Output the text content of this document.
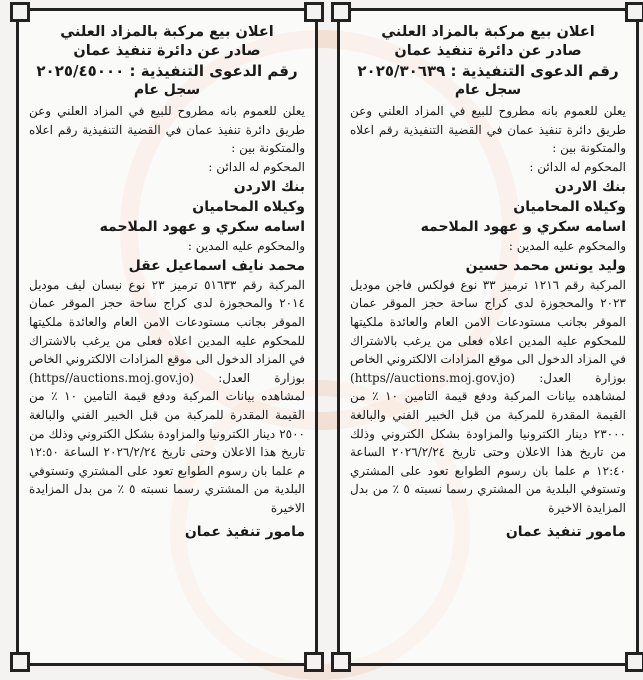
اعلان بيع مركبة بالمزاد العلني

صادر عن دائرة تنفيذ عمان

رقم الدعوى التنفيذية : ٢٠٢٥/٣٠٦٣٩

سجل عام

يعلن للعموم بانه مطروح للبيع في المزاد العلني وعن طريق دائرة تنفيذ عمان في القضية التنفيذية رقم اعلاه والمتكونة بين :

المحكوم له الدائن :

بنك الاردن

وكيلاه المحاميان

اسامه سكري و عهود الملاحمه

والمحكوم عليه المدين :

وليد يونس محمد حسين

المركبة رقم ١٢١٦ ترميز ٣٣ نوع فولكس فاجن موديل ٢٠٢٣ والمحجوزة لدى كراج ساحة حجز الموقر عمان الموقر بجانب مستودعات الامن العام والعائدة ملكيتها للمحكوم عليه المدين اعلاه فعلى من يرغب بالاشتراك في المزاد الدخول الى موقع المزادات الالكتروني الخاص بوزارة العدل: (https//auctions.moj.gov.jo) لمشاهده بيانات المركبة ودفع قيمة التامين ١٠ ٪ من القيمة المقدرة للمركبة من قبل الخبير الفني والبالغة ٢٣٠٠٠ دينار الكترونيا والمزاودة بشكل الكتروني وذلك من تاريخ هذا الاعلان وحتى تاريخ ٢٠٢٦/٢/٢٤ الساعة ١٢:٤٠ م علما بان رسوم الطوابع تعود على المشتري وتستوفي البلدية من المشتري رسما نسبته ٥ ٪ من بدل المزايدة الاخيرة

مامور تنفيذ عمان

اعلان بيع مركبة بالمزاد العلني

صادر عن دائرة تنفيذ عمان

رقم الدعوى التنفيذية : ٢٠٢٥/٤٥٠٠٠

سجل عام

يعلن للعموم بانه مطروح للبيع في المزاد العلني وعن طريق دائرة تنفيذ عمان في القضية التنفيذية رقم اعلاه والمتكونة بين :

المحكوم له الدائن :

بنك الاردن

وكيلاه المحاميان

اسامه سكري و عهود الملاحمه

والمحكوم عليه المدين :

محمد نايف اسماعيل عقل

المركبة رقم ٥١٦٣٣ ترميز ٢٣ نوع نيسان ليف موديل ٢٠١٤ والمحجوزة لدى كراج ساحة حجز الموقر عمان الموقر بجانب مستودعات الامن العام والعائدة ملكيتها للمحكوم عليه المدين اعلاه فعلى من يرغب بالاشتراك في المزاد الدخول الى موقع المزادات الالكتروني الخاص بوزارة العدل: (https//auctions.moj.gov.jo) لمشاهده بيانات المركبة ودفع قيمة التامين ١٠ ٪ من القيمة المقدرة للمركبة من قبل الخبير الفني والبالغة ٢٥٠٠ دينار الكترونيا والمزاودة بشكل الكتروني وذلك من تاريخ هذا الاعلان وحتى تاريخ ٢٠٢٦/٢/٢٤ الساعة ١٢:٥٠ م علما بان رسوم الطوابع تعود على المشتري وتستوفي البلدية من المشتري رسما نسبته ٥ ٪ من بدل المزايدة الاخيرة

مامور تنفيذ عمان
